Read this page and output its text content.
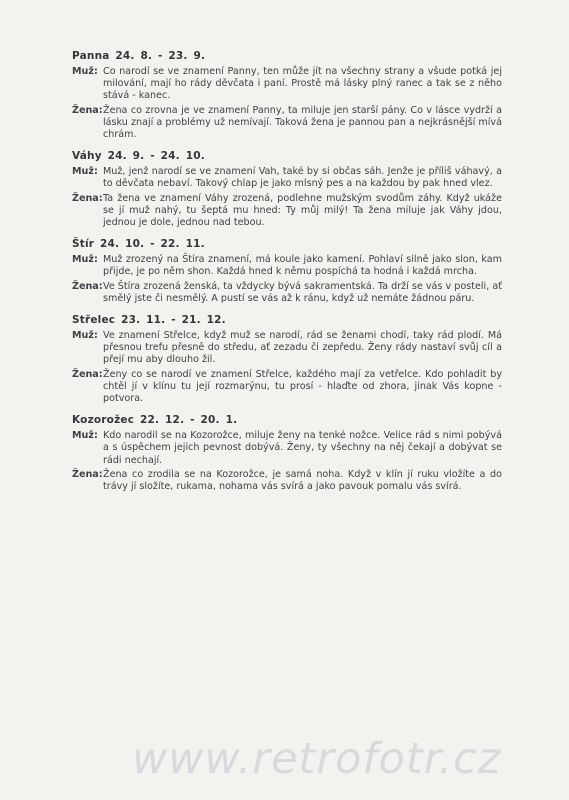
Panna 24. 8. - 23. 9.
Muž: Co narodí se ve znamení Panny, ten může jít na všechny strany a všude potká jej milování, mají ho rády děvčata i paní. Prostě má lásky plný ranec a tak se z něho stává - kanec.
Žena: Žena co zrovna je ve znamení Panny, ta miluje jen starší pány. Co v lásce vydrží a lásku znají a problémy už nemívají. Taková žena je pannou pan a nejkrásnější mívá chrám.
Váhy 24. 9. - 24. 10.
Muž: Muž, jenž narodí se ve znamení Vah, také by si občas sáh. Jenže je příliš váhavý, a to děvčata nebaví. Takový chlap je jako mlsný pes a na každou by pak hned vlez.
Žena: Ta žena ve znamení Váhy zrozená, podlehne mužským svodům záhy. Když ukáže se jí muž nahý, tu šeptá mu hned: Ty můj milý! Ta žena miluje jak Váhy jdou, jednou je dole, jednou nad tebou.
Štír 24. 10. - 22. 11.
Muž: Muž zrozený na Štíra znamení, má koule jako kamení. Pohlaví silně jako slon, kam přijde, je po něm shon. Každá hned k němu pospíchá ta hodná i každá mrcha.
Žena: Ve Štíra zrozená ženská, ta vždycky bývá sakramentská. Ta drží se vás v posteli, ať smělý jste či nesmělý. A pustí se vás až k ránu, když už nemáte žádnou páru.
Střelec 23. 11. - 21. 12.
Muž: Ve znamení Střelce, když muž se narodí, rád se ženami chodí, taky rád plodí. Má přesnou trefu přesně do středu, ať zezadu či zepředu. Ženy rády nastaví svůj cíl a přejí mu aby dlouho žil.
Žena: Ženy co se narodí ve znamení Střelce, každého mají za vetřelce. Kdo pohladit by chtěl jí v klínu tu její rozmarýnu, tu prosí - hlaďte od zhora, jinak Vás kopne - potvora.
Kozorožec 22. 12. - 20. 1.
Muž: Kdo narodil se na Kozorožce, miluje ženy na tenké nožce. Velice rád s nimi pobývá a s úspěchem jejich pevnost dobývá. Ženy, ty všechny na něj čekají a dobývat se rádi nechají.
Žena: Žena co zrodila se na Kozorožce, je samá noha. Když v klín jí ruku vložíte a do trávy jí složíte, rukama, nohama vás svírá a jako pavouk pomalu vás svírá.
www.retrofotr.cz
